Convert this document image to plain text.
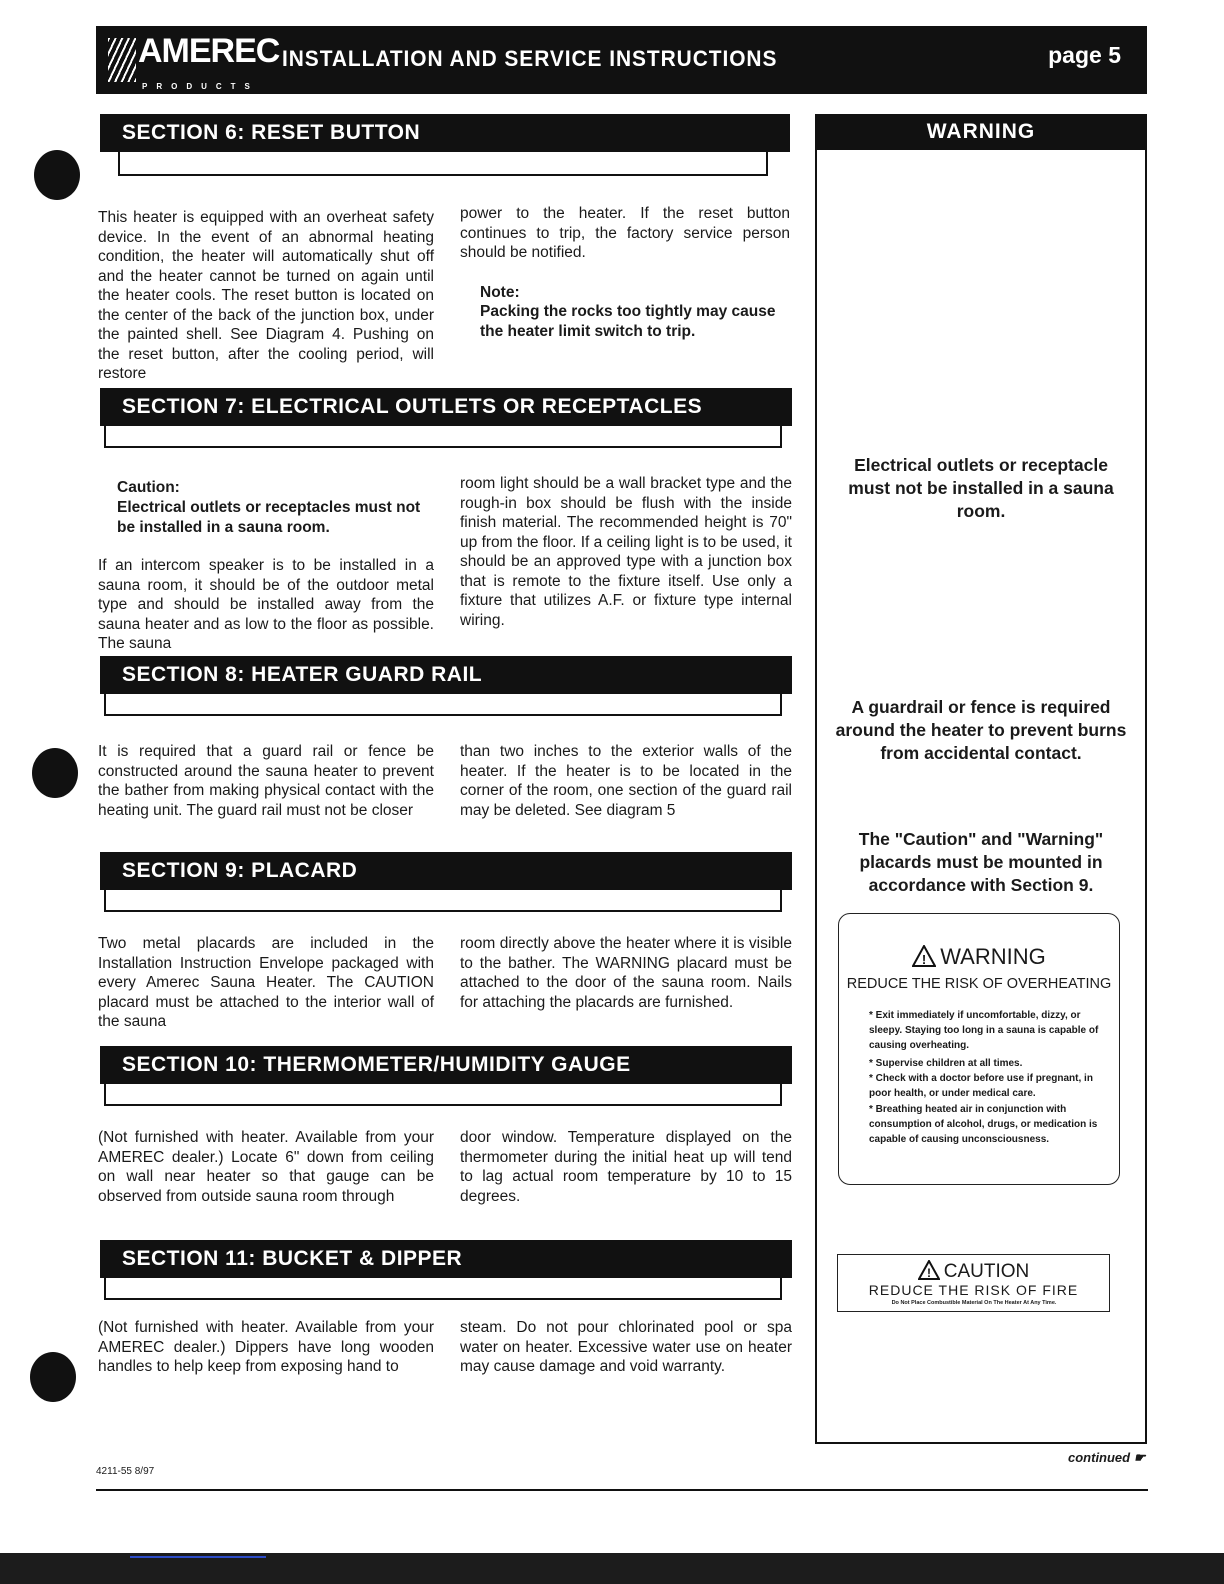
AMEREC
PRODUCTS
INSTALLATION AND SERVICE INSTRUCTIONS	page 5
SECTION 6: RESET BUTTON
This heater is equipped with an overheat safety device. In the event of an abnormal heating condition, the heater will automatically shut off and the heater cannot be turned on again until the heater cools. The reset button is located on the center of the back of the junction box, under the painted shell. See Diagram 4. Pushing on the reset button, after the cooling period, will restore
power to the heater. If the reset button continues to trip, the factory service person should be notified.
Note:
Packing the rocks too tightly may cause the heater limit switch to trip.
SECTION 7: ELECTRICAL OUTLETS OR RECEPTACLES
Caution:
Electrical outlets or receptacles must not be installed in a sauna room.
If an intercom speaker is to be installed in a sauna room, it should be of the outdoor metal type and should be installed away from the sauna heater and as low to the floor as possible. The sauna
room light should be a wall bracket type and the rough-in box should be flush with the inside finish material. The recommended height is 70" up from the floor. If a ceiling light is to be used, it should be an approved type with a junction box that is remote to the fixture itself. Use only a fixture that utilizes A.F. or fixture type internal wiring.
SECTION 8: HEATER GUARD RAIL
It is required that a guard rail or fence be constructed around the sauna heater to prevent the bather from making physical contact with the heating unit. The guard rail must not be closer
than two inches to the exterior walls of the heater. If the heater is to be located in the corner of the room, one section of the guard rail may be deleted. See diagram 5
SECTION 9: PLACARD
Two metal placards are included in the Installation Instruction Envelope packaged with every Amerec Sauna Heater. The CAUTION placard must be attached to the interior wall of the sauna
room directly above the heater where it is visible to the bather. The WARNING placard must be attached to the door of the sauna room. Nails for attaching the placards are furnished.
SECTION 10: THERMOMETER/HUMIDITY GAUGE
(Not furnished with heater. Available from your AMEREC dealer.) Locate 6" down from ceiling on wall near heater so that gauge can be observed from outside sauna room through
door window. Temperature displayed on the thermometer during the initial heat up will tend to lag actual room temperature by 10 to 15 degrees.
SECTION 11: BUCKET & DIPPER
(Not furnished with heater. Available from your AMEREC dealer.) Dippers have long wooden handles to help keep from exposing hand to
steam. Do not pour chlorinated pool or spa water on heater. Excessive water use on heater may cause damage and void warranty.
WARNING
Electrical outlets or receptacle must not be installed in a sauna room.
A guardrail or fence is required around the heater to prevent burns from accidental contact.
The "Caution" and "Warning" placards must be mounted in accordance with Section 9.
! WARNING
REDUCE THE RISK OF OVERHEATING
* Exit immediately if uncomfortable, dizzy, or sleepy. Staying too long in a sauna is capable of causing overheating.
* Supervise children at all times.
* Check with a doctor before use if pregnant, in poor health, or under medical care.
* Breathing heated air in conjunction with consumption of alcohol, drugs, or medication is capable of causing unconsciousness.
! CAUTION
REDUCE THE RISK OF FIRE
Do Not Place Combustible Material On The Heater At Any Time.
continued ☛
4211-55 8/97
